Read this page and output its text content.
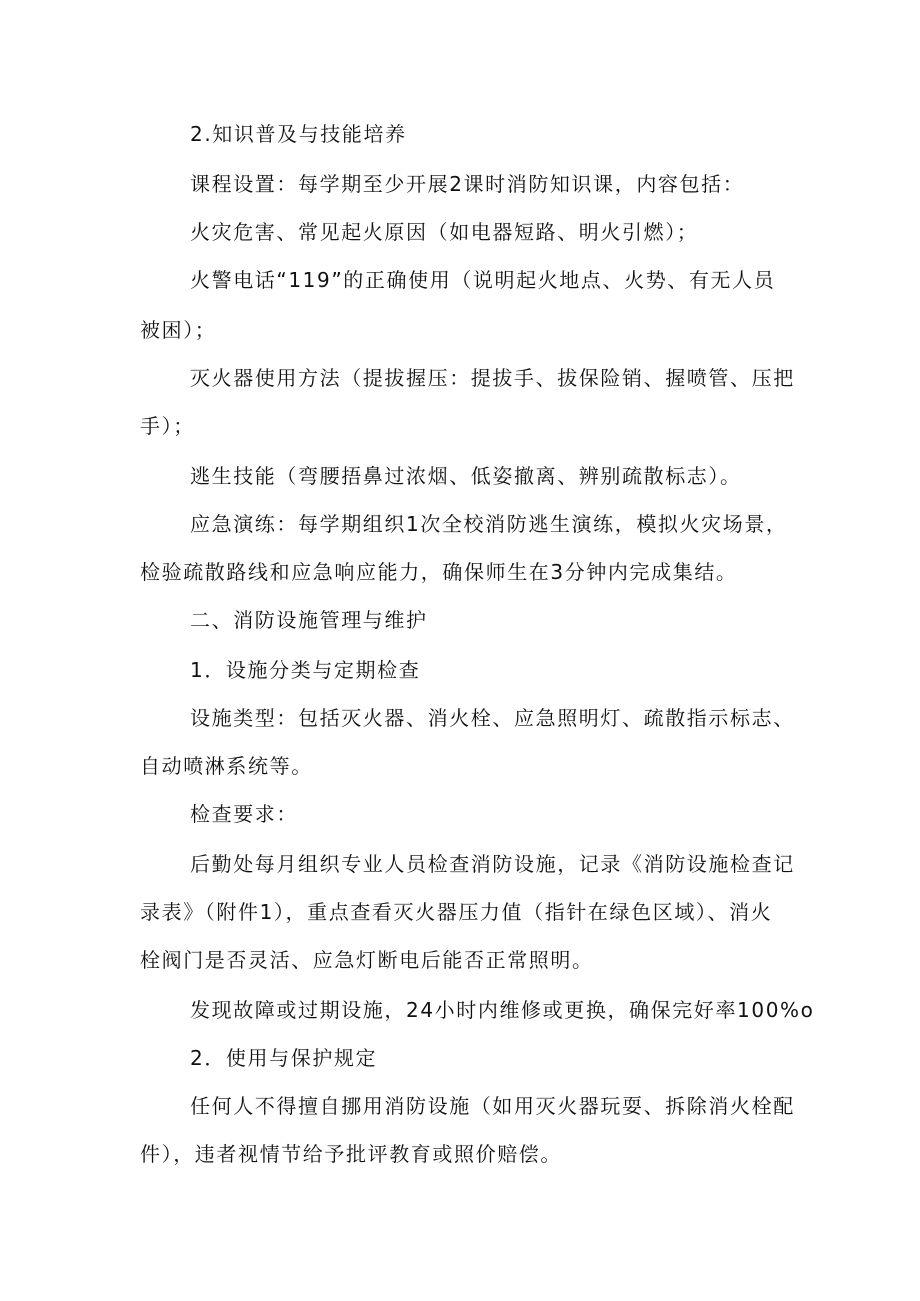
2.知识普及与技能培养
课程设置：每学期至少开展2课时消防知识课，内容包括：
火灾危害、常见起火原因（如电器短路、明火引燃）；
火警电话“119”的正确使用（说明起火地点、火势、有无人员
被困）；
灭火器使用方法（提拔握压：提拔手、拔保险销、握喷管、压把
手）；
逃生技能（弯腰捂鼻过浓烟、低姿撤离、辨别疏散标志）。
应急演练：每学期组织1次全校消防逃生演练，模拟火灾场景，
检验疏散路线和应急响应能力，确保师生在3分钟内完成集结。
二、消防设施管理与维护
1．设施分类与定期检查
设施类型：包括灭火器、消火栓、应急照明灯、疏散指示标志、
自动喷淋系统等。
检查要求：
后勤处每月组织专业人员检查消防设施，记录《消防设施检查记
录表》（附件1），重点查看灭火器压力值（指针在绿色区域）、消火
栓阀门是否灵活、应急灯断电后能否正常照明。
发现故障或过期设施，24小时内维修或更换，确保完好率100%o
2．使用与保护规定
任何人不得擅自挪用消防设施（如用灭火器玩耍、拆除消火栓配
件），违者视情节给予批评教育或照价赔偿。
